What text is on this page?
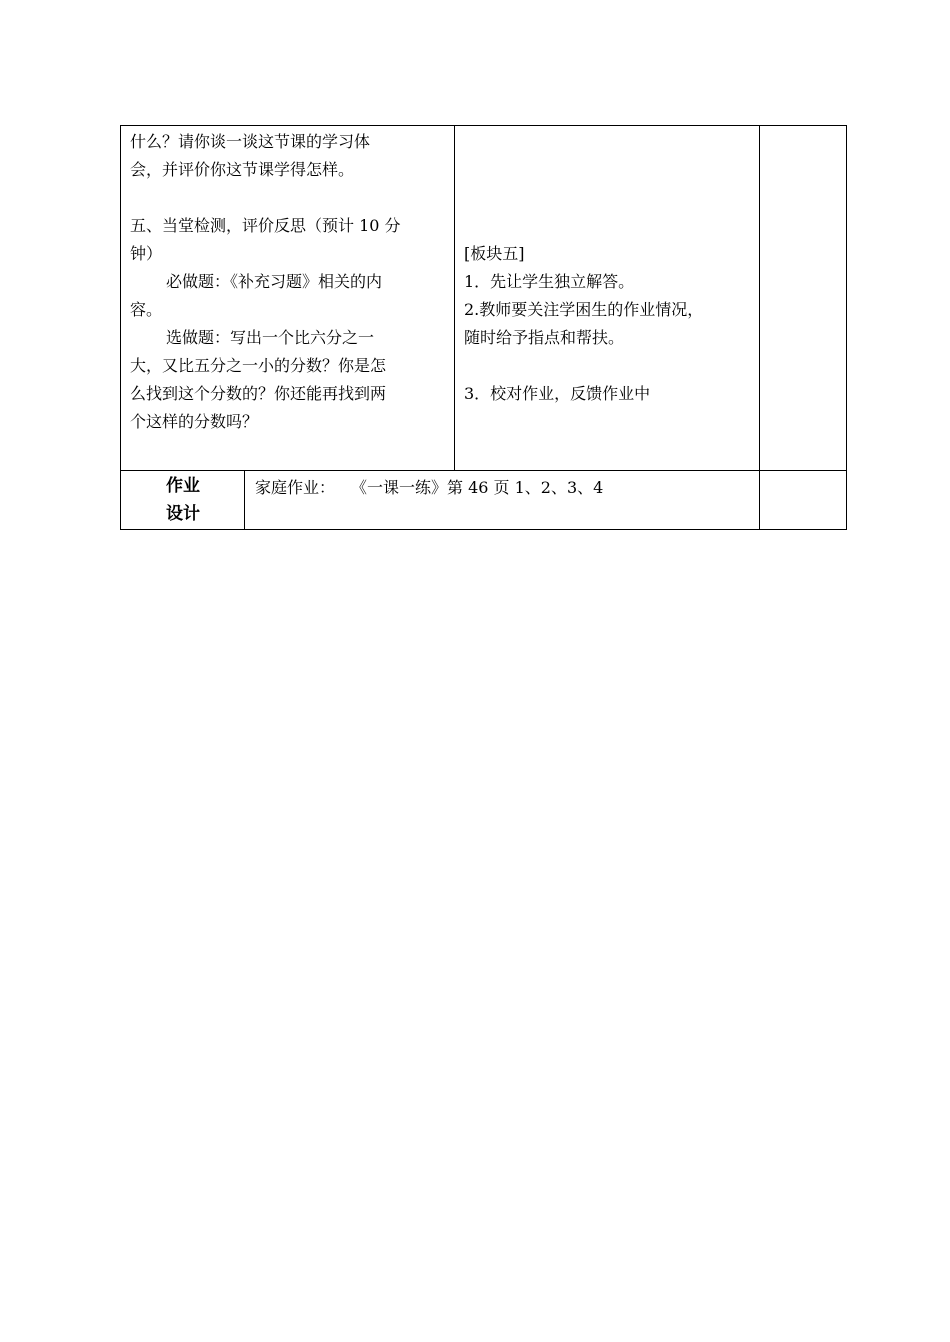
什么？请你谈一谈这节课的学习体

会，并评价你这节课学得怎样。

五、当堂检测，评价反思（预计 10 分

钟）

必做题：《补充习题》相关的内

容。

选做题：写出一个比六分之一

大，又比五分之一小的分数？你是怎

么找到这个分数的？你还能再找到两

个这样的分数吗？

[板块五]

1．先让学生独立解答。

2.教师要关注学困生的作业情况，

随时给予指点和帮扶。

3．校对作业，反馈作业中

作业

设计

家庭作业：　　《一课一练》第 46 页 1、2、3、4
